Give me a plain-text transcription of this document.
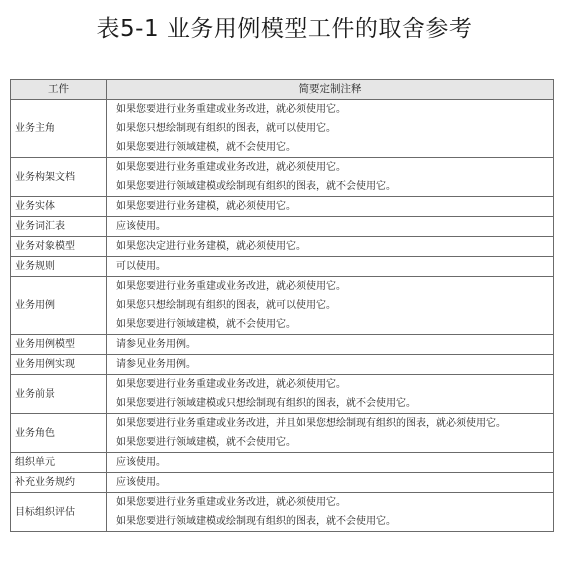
表5-1 业务用例模型工件的取舍参考
工件	简要定制注释
业务主角	如果您要进行业务重建或业务改进，就必须使用它。
如果您只想绘制现有组织的图表，就可以使用它。
如果您要进行领域建模，就不会使用它。

业务构架文档	如果您要进行业务重建或业务改进，就必须使用它。
如果您要进行领域建模或绘制现有组织的图表，就不会使用它。

业务实体	如果您要进行业务建模，就必须使用它。

业务词汇表	应该使用。

业务对象模型	如果您决定进行业务建模，就必须使用它。

业务规则	可以使用。

业务用例	如果您要进行业务重建或业务改进，就必须使用它。
如果您只想绘制现有组织的图表，就可以使用它。
如果您要进行领域建模，就不会使用它。

业务用例模型	请参见业务用例。

业务用例实现	请参见业务用例。

业务前景	如果您要进行业务重建或业务改进，就必须使用它。
如果您要进行领域建模或只想绘制现有组织的图表，就不会使用它。

业务角色	如果您要进行业务重建或业务改进，并且如果您想绘制现有组织的图表，就必须使用它。
如果您要进行领域建模，就不会使用它。

组织单元	应该使用。

补充业务规约	应该使用。

目标组织评估	如果您要进行业务重建或业务改进，就必须使用它。
如果您要进行领域建模或绘制现有组织的图表，就不会使用它。
